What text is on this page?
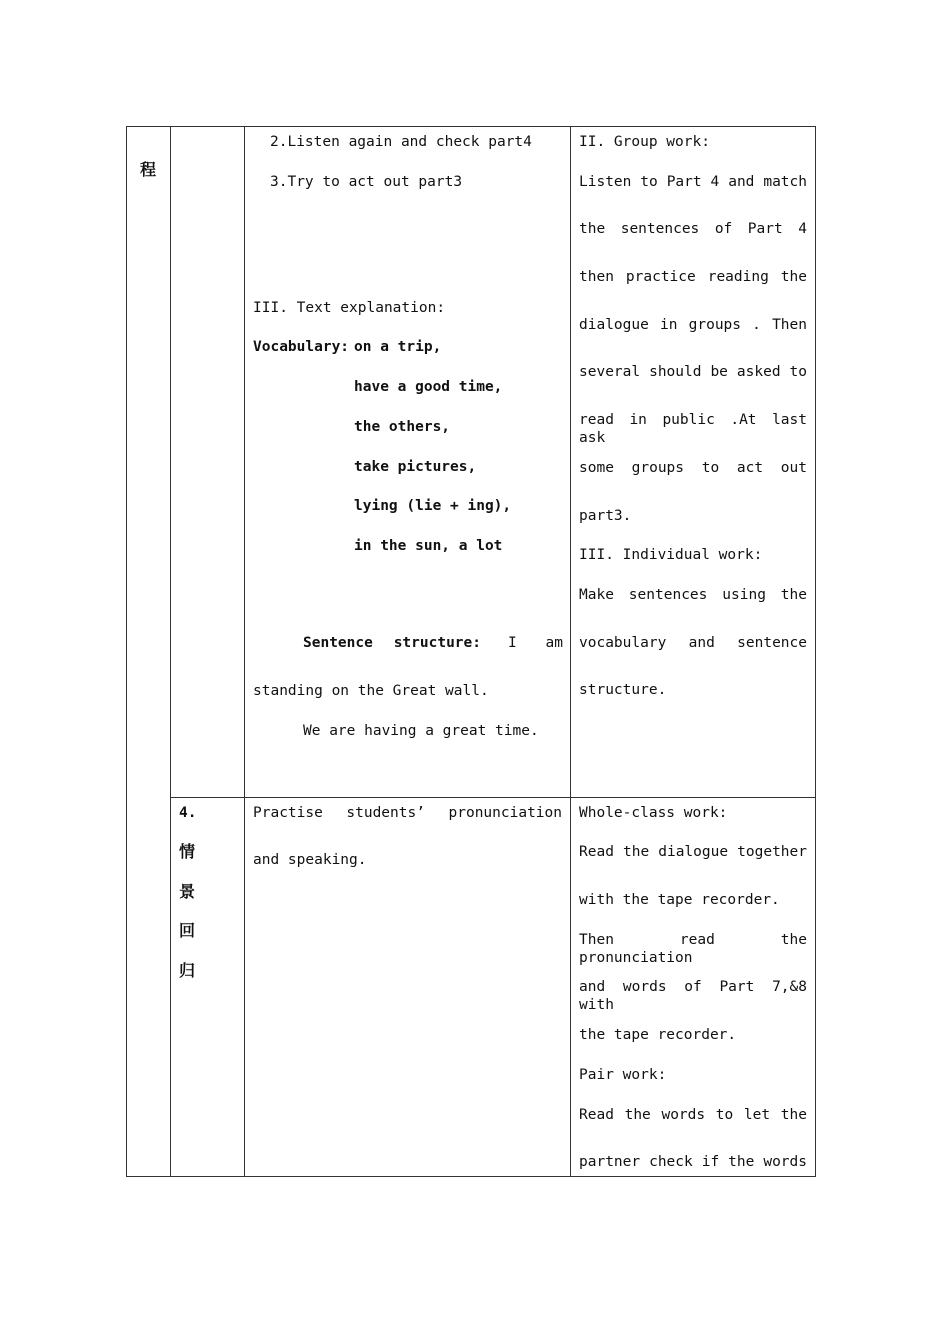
程
2.Listen again and check part4
3.Try to act out part3
III. Text explanation:
Vocabulary: on a trip,
have a good time,
the others,
take pictures,
lying (lie + ing),
in the sun, a lot
Sentence structure: I am
standing on the Great wall.
We are having a great time.
II. Group work:
Listen to Part 4 and match
the sentences of Part 4
then practice reading the
dialogue in groups . Then
several should be asked to
read in public .At last ask
some groups to act out
part3.
III. Individual work:
Make sentences using the
vocabulary and sentence
structure.
4.
情
景
回
归
Practise students’ pronunciation
and speaking.
Whole-class work:
Read the dialogue together
with the tape recorder.
Then read the pronunciation
and words of Part 7,&8 with
the tape recorder.
Pair work:
Read the words to let the
partner check if the words
